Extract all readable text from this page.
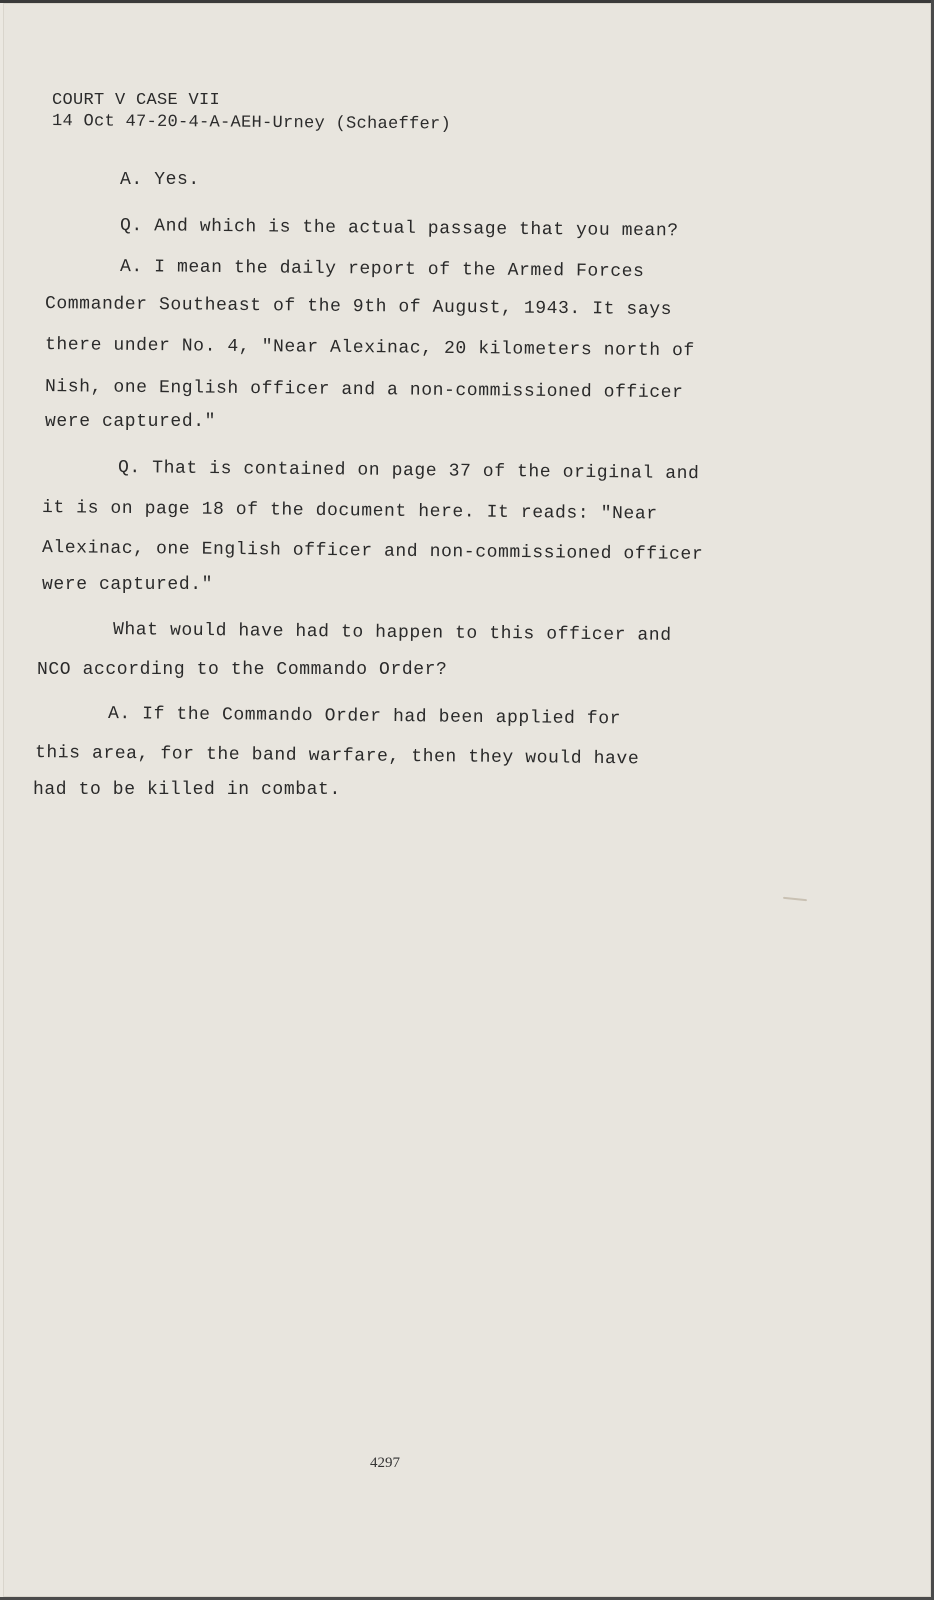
COURT V CASE VII
14 Oct 47-20-4-A-AEH-Urney (Schaeffer)
A. Yes.
Q. And which is the actual passage that you mean?
A. I mean the daily report of the Armed Forces
Commander Southeast of the 9th of August, 1943. It says
there under No. 4, "Near Alexinac, 20 kilometers north of
Nish, one English officer and a non-commissioned officer
were captured."
Q. That is contained on page 37 of the original and
it is on page 18 of the document here. It reads: "Near
Alexinac, one English officer and non-commissioned officer
were captured."
What would have had to happen to this officer and
NCO according to the Commando Order?
A. If the Commando Order had been applied for
this area, for the band warfare, then they would have
had to be killed in combat.
4297
